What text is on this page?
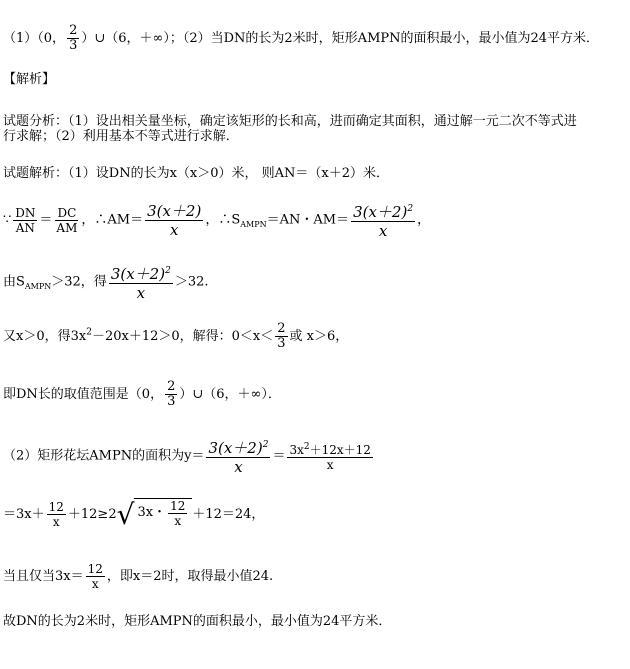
（1）（0， $\frac{2}{3}$ ）∪（6，＋∞）；（2）当DN的长为2米时，矩形AMPN的面积最小，最小值为24平方米．
【解析】
试题分析：（1）设出相关量坐标，确定该矩形的长和高，进而确定其面积，通过解一元二次不等式进
行求解；（2）利用基本不等式进行求解．
试题解析：（1）设DN的长为x（x＞0）米， 则AN＝（x＋2）米．
∵ $\frac{DN}{AN} = \frac{DC}{AM}$ ，∴AM＝ $\frac{3(x+2)}{x}$ ，$\therefore S_{AMPN}=AN$・$AM= \frac{3(x+2)^2}{x}$ ，
由$S_{AMPN}>32$，得 $\frac{3(x+2)^2}{x} >32$.
又x＞0，得$3x^2-20x+12>0$，解得：$0<x< \frac{2}{3}$ 或 x＞6，
即DN长的取值范围是（0， $\frac{2}{3}$ ）∪（6，＋∞）．
（2）矩形花坛AMPN的面积为$y= \frac{3(x+2)^2}{x} = \frac{3x^2+12x+12}{x}$
$=3x+ \frac{12}{x} +12\ge 2$ √ 3x・ $\frac{12}{x} +12=24$，
当且仅当$3x= \frac{12}{x}$ ，即x＝2时，取得最小值24.
故DN的长为2米时，矩形AMPN的面积最小，最小值为24平方米．
